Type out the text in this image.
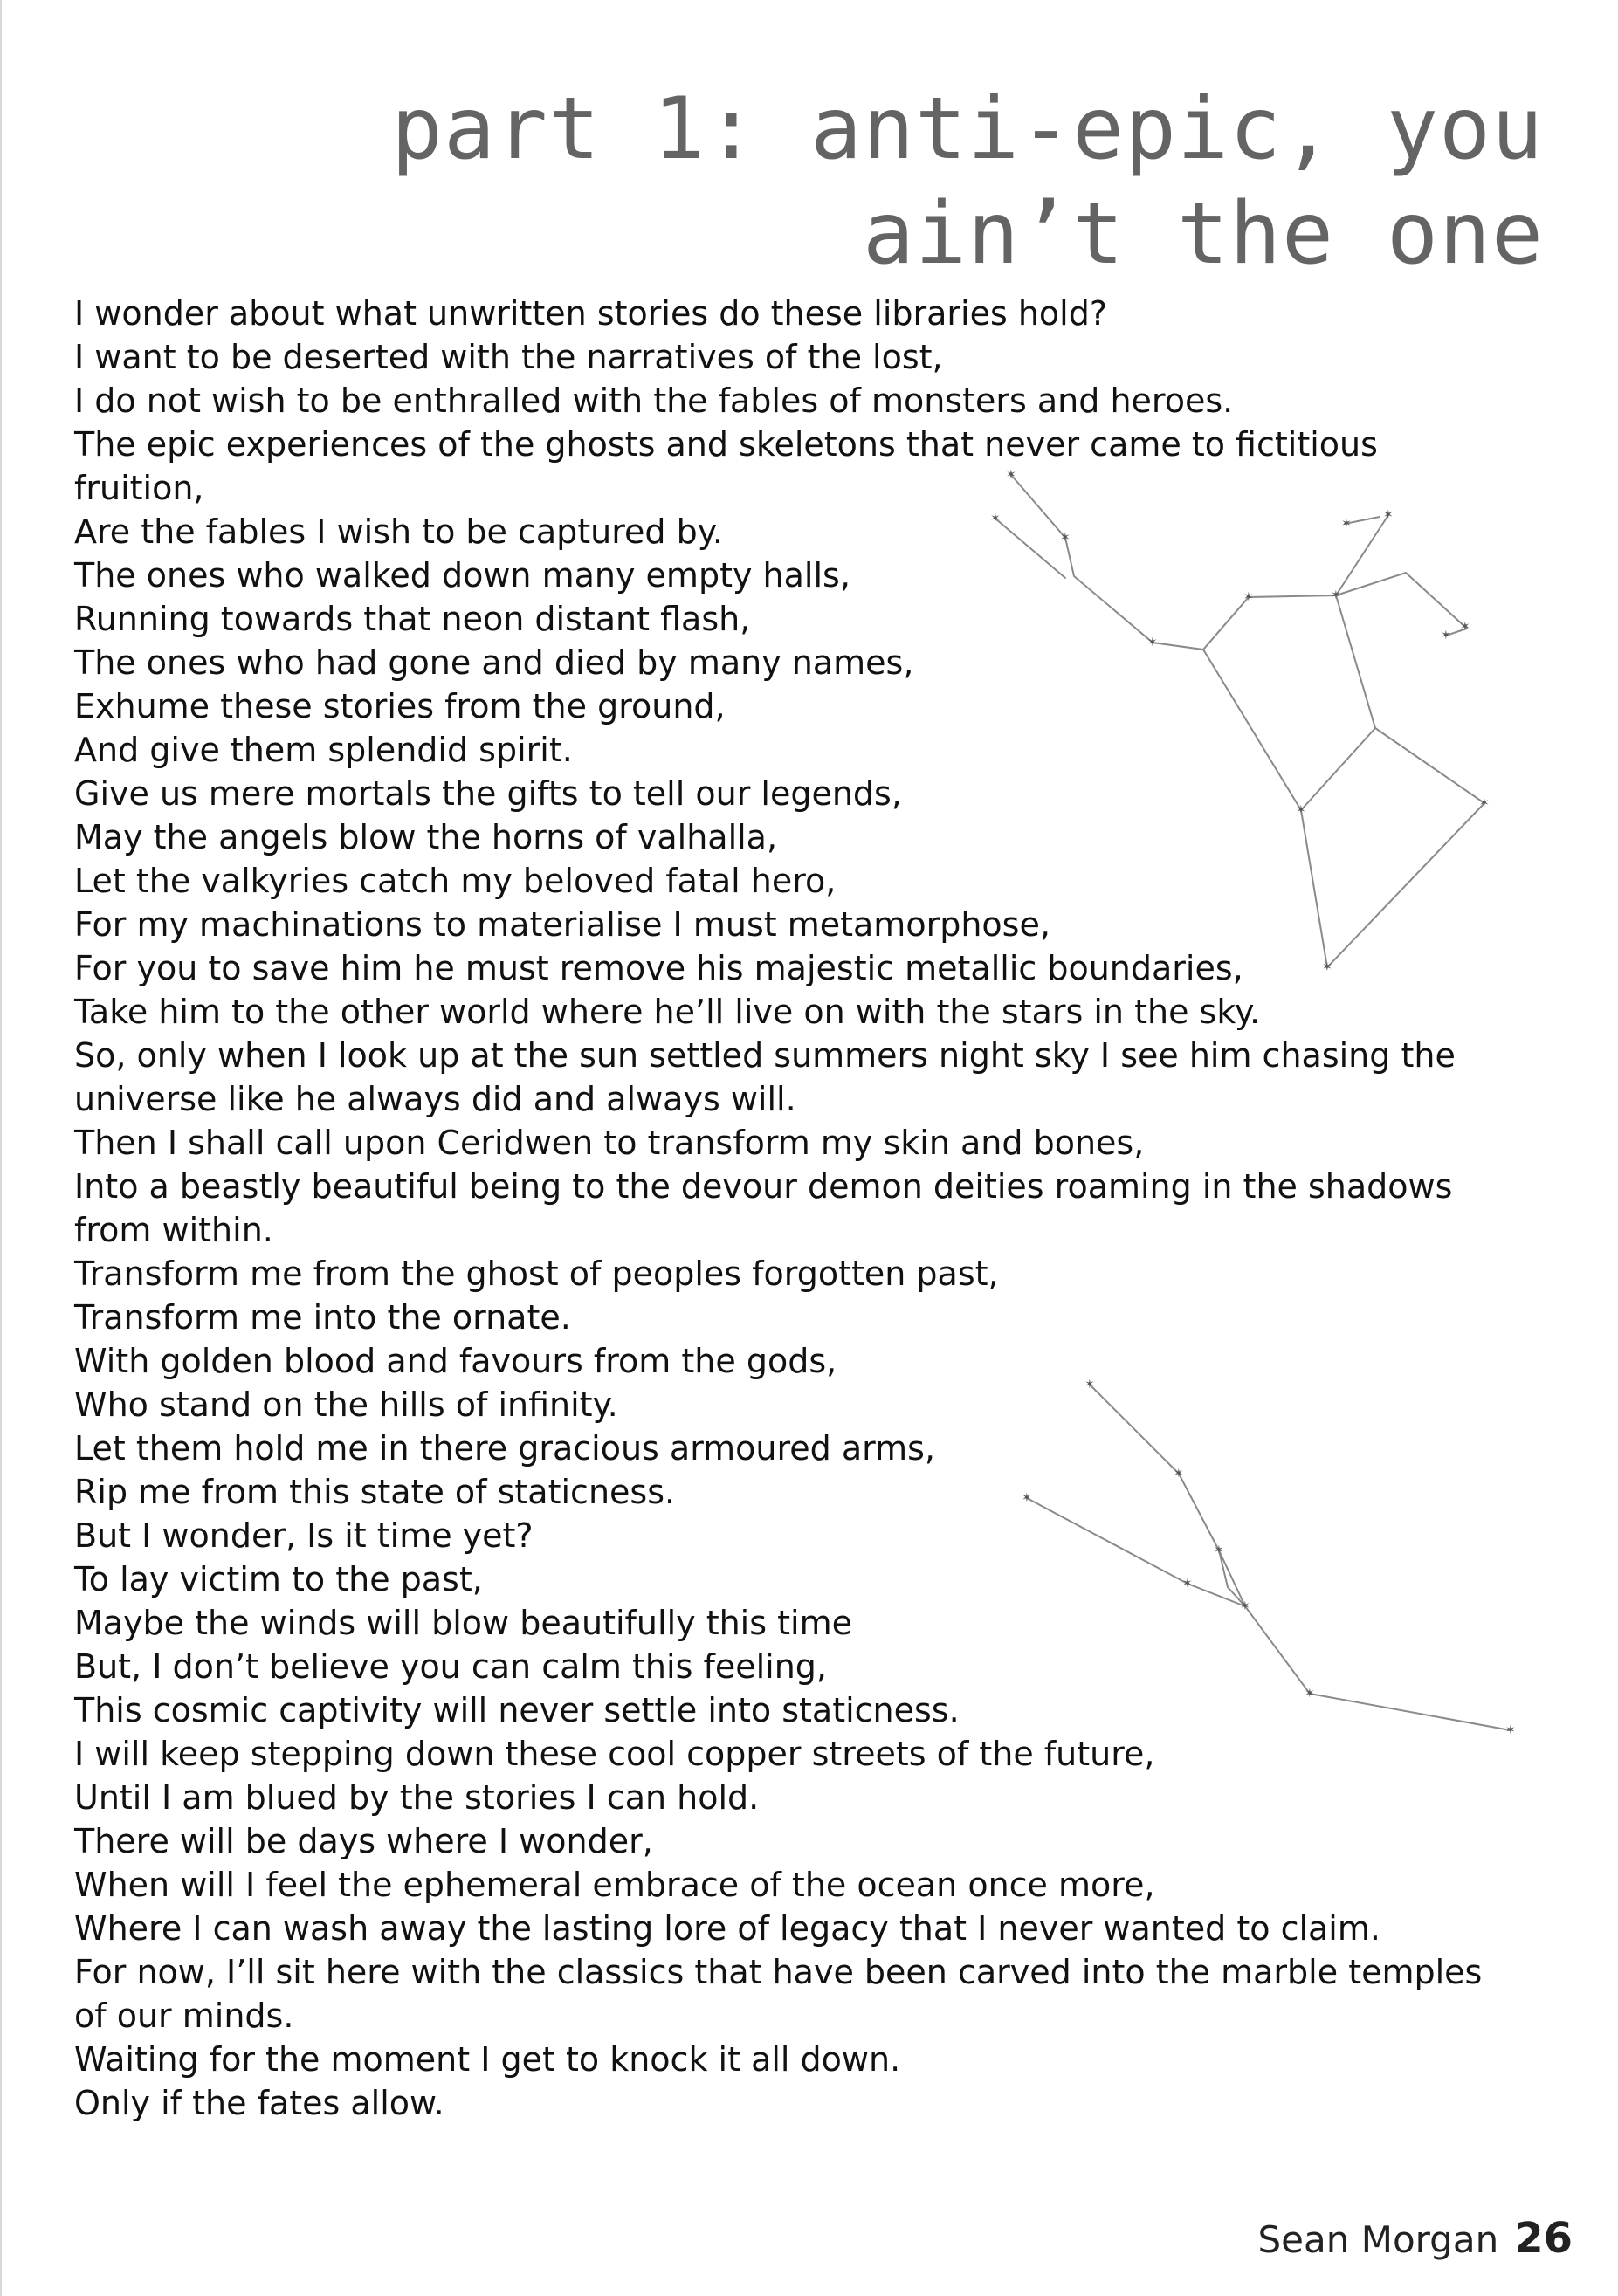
part 1: anti-epic, you
ain’t the one
✶
✶
✶
✶
✶	✶
✶
✶
✶
✶
✶	✶
✶
✶
✶
✶
✶
✶
✶
✶
✶
I wonder about what unwritten stories do these libraries hold?
I want to be deserted with the narratives of the lost,
I do not wish to be enthralled with the fables of monsters and heroes.
The epic experiences of the ghosts and skeletons that never came to fictitious
fruition,
Are the fables I wish to be captured by.
The ones who walked down many empty halls,
Running towards that neon distant flash,
The ones who had gone and died by many names,
Exhume these stories from the ground,
And give them splendid spirit.
Give us mere mortals the gifts to tell our legends,
May the angels blow the horns of valhalla,
Let the valkyries catch my beloved fatal hero,
For my machinations to materialise I must metamorphose,
For you to save him he must remove his majestic metallic boundaries,
Take him to the other world where he’ll live on with the stars in the sky.
So, only when I look up at the sun settled summers night sky I see him chasing the
universe like he always did and always will.
Then I shall call upon Ceridwen to transform my skin and bones,
Into a beastly beautiful being to the devour demon deities roaming in the shadows
from within.
Transform me from the ghost of peoples forgotten past,
Transform me into the ornate.
With golden blood and favours from the gods,
Who stand on the hills of infinity.
Let them hold me in there gracious armoured arms,
Rip me from this state of staticness.
But I wonder, Is it time yet?
To lay victim to the past,
Maybe the winds will blow beautifully this time
But, I don’t believe you can calm this feeling,
This cosmic captivity will never settle into staticness.
I will keep stepping down these cool copper streets of the future,
Until I am blued by the stories I can hold.
There will be days where I wonder,
When will I feel the ephemeral embrace of the ocean once more,
Where I can wash away the lasting lore of legacy that I never wanted to claim.
For now, I’ll sit here with the classics that have been carved into the marble temples
of our minds.
Waiting for the moment I get to knock it all down.
Only if the fates allow.
Sean Morgan 26
